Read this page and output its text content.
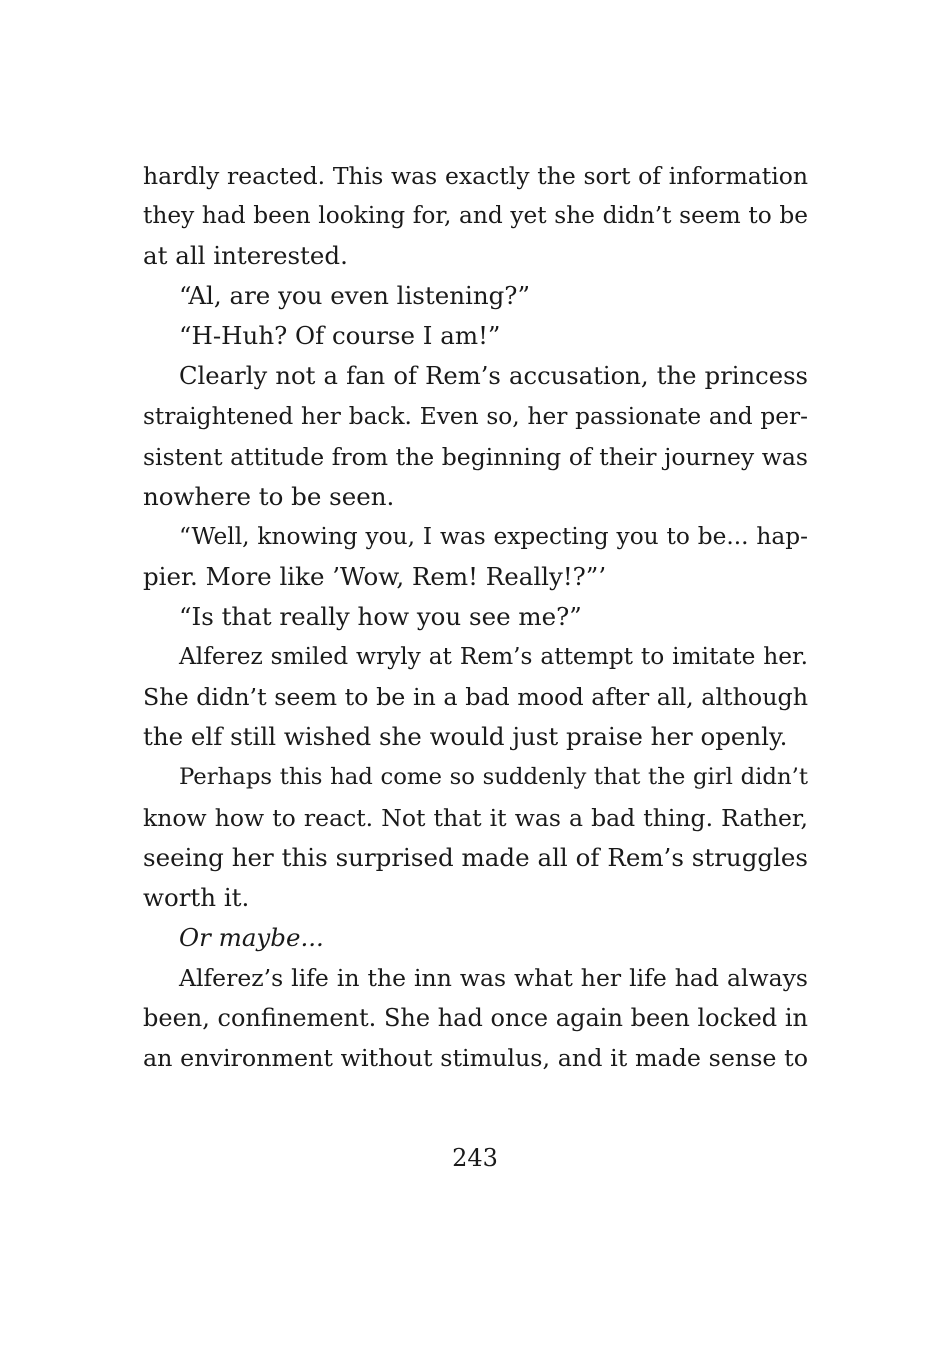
hardly reacted. This was exactly the sort of information
they had been looking for, and yet she didn’t seem to be
at all interested.
“Al, are you even listening?”
“H-Huh? Of course I am!”
Clearly not a fan of Rem’s accusation, the princess
straightened her back. Even so, her passionate and per-
sistent attitude from the beginning of their journey was
nowhere to be seen.
“Well, knowing you, I was expecting you to be... hap-
pier. More like ’Wow, Rem! Really!?”’
“Is that really how you see me?”
Alferez smiled wryly at Rem’s attempt to imitate her.
She didn’t seem to be in a bad mood after all, although
the elf still wished she would just praise her openly.
Perhaps this had come so suddenly that the girl didn’t
know how to react. Not that it was a bad thing. Rather,
seeing her this surprised made all of Rem’s struggles
worth it.
Or maybe...
Alferez’s life in the inn was what her life had always
been, confinement. She had once again been locked in
an environment without stimulus, and it made sense to
243
